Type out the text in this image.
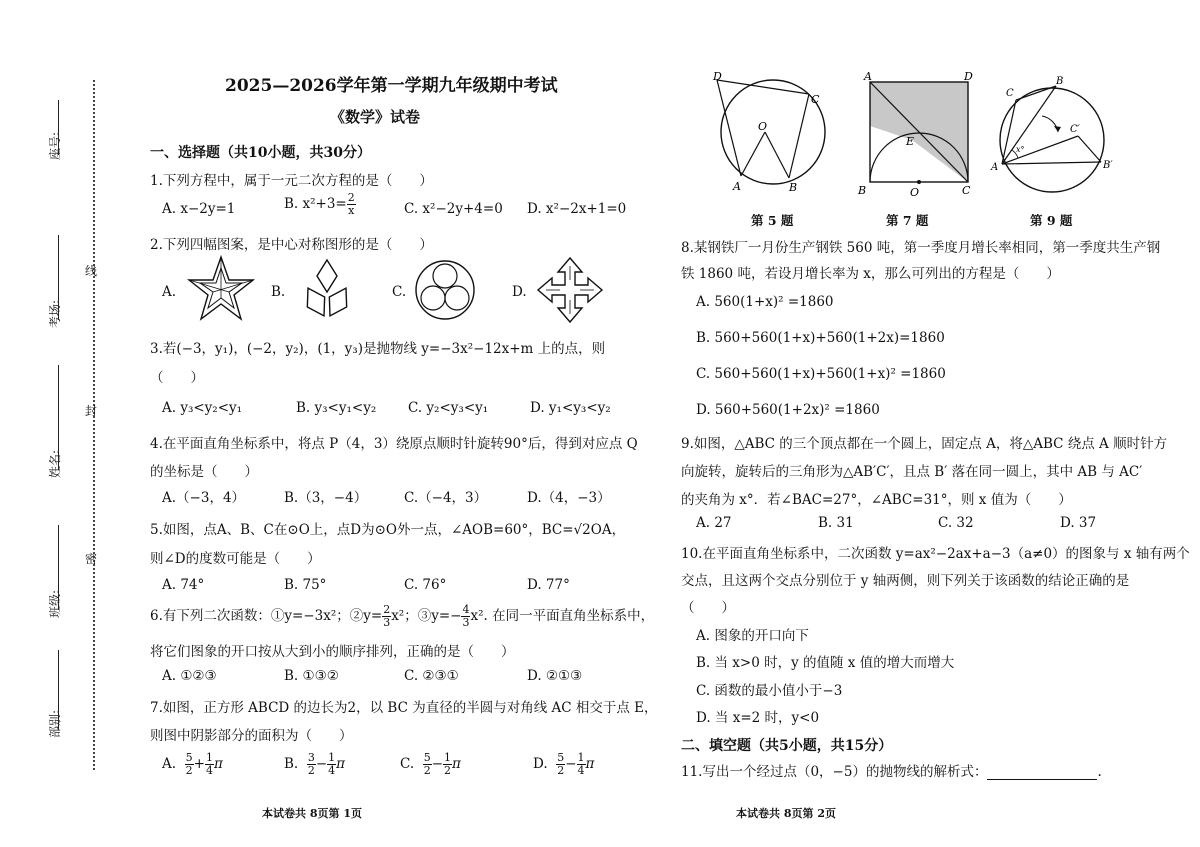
座号:
考场:
姓名:
班级:
部别:
线
封
密
2025—2026学年第一学期九年级期中考试
《数学》试卷
一、选择题（共10小题，共30分）
1.下列方程中，属于一元二次方程的是（　　）
A. x−2y=1	B. $x^2+3= \frac{2}{x}$	C. x²−2y+4=0 D. x²−2x+1=0
2.下列四幅图案，是中心对称图形的是（　　）
A.	B.	C.	D.
3.若(−3，y₁)，(−2，y₂)，(1，y₃)是抛物线 y=−3x²−12x+m 上的点，则
（　　）
A. y₃<y₂<y₁	B. y₃<y₁<y₂ C. y₂<y₃<y₁	D. y₁<y₃<y₂
4.在平面直角坐标系中，将点 P（4，3）绕原点顺时针旋转90°后，得到对应点 Q
的坐标是（　　）
A.（−3，4）	B.（3，−4）	C.（−4，3）	D.（4，−3）
5.如图，点A、B、C在⊙O上，点D为⊙O外一点，∠AOB=60°，BC=√2OA，
则∠D的度数可能是（　　）
A. 74°	B. 75°	C. 76°	D. 77°
6.有下列二次函数：①y=−3x²；②y= $\frac{2}{3} x^2$；③y=− $\frac{4}{3} x^2$. 在同一平面直角坐标系中，
将它们图象的开口按从大到小的顺序排列，正确的是（　　）
A. ①②③	B. ①③②	C. ②③①	D. ②①③
7.如图，正方形 ABCD 的边长为2，以 BC 为直径的半圆与对角线 AC 相交于点 E，
则图中阴影部分的面积为（　　）
A. $\frac{5}{2} + \frac{1}{4}$ π	B. $\frac{3}{2} - \frac{1}{4}$ π	C. $\frac{5}{2} - \frac{1}{2}$ π	D. $\frac{5}{2} - \frac{1}{4}$ π
本试卷共 8页第 1页
D
C
O
A	B
第 5 题
A	D
E
B	O	C
第 7 题
C
B
C′
A	B′
x°
第 9 题
8.某钢铁厂一月份生产钢铁 560 吨，第一季度月增长率相同，第一季度共生产钢
铁 1860 吨，若设月增长率为 x，那么可列出的方程是（　　）
A. 560(1+x)² =1860
B. 560+560(1+x)+560(1+2x)=1860
C. 560+560(1+x)+560(1+x)² =1860
D. 560+560(1+2x)² =1860
9.如图，△ABC 的三个顶点都在一个圆上，固定点 A，将△ABC 绕点 A 顺时针方
向旋转，旋转后的三角形为△AB′C′，且点 B′ 落在同一圆上，其中 AB 与 AC′
的夹角为 x°．若∠BAC=27°，∠ABC=31°，则 x 值为（　　）
A. 27	B. 31	C. 32	D. 37
10.在平面直角坐标系中，二次函数 y=ax²−2ax+a−3（a≠0）的图象与 x 轴有两个
交点，且这两个交点分别位于 y 轴两侧，则下列关于该函数的结论正确的是
（　　）
A. 图象的开口向下
B. 当 x>0 时，y 的值随 x 值的增大而增大
C. 函数的最小值小于−3
D. 当 x=2 时，y<0
二、填空题（共5小题，共15分）
11.写出一个经过点（0，−5）的抛物线的解析式：	.
本试卷共 8页第 2页
